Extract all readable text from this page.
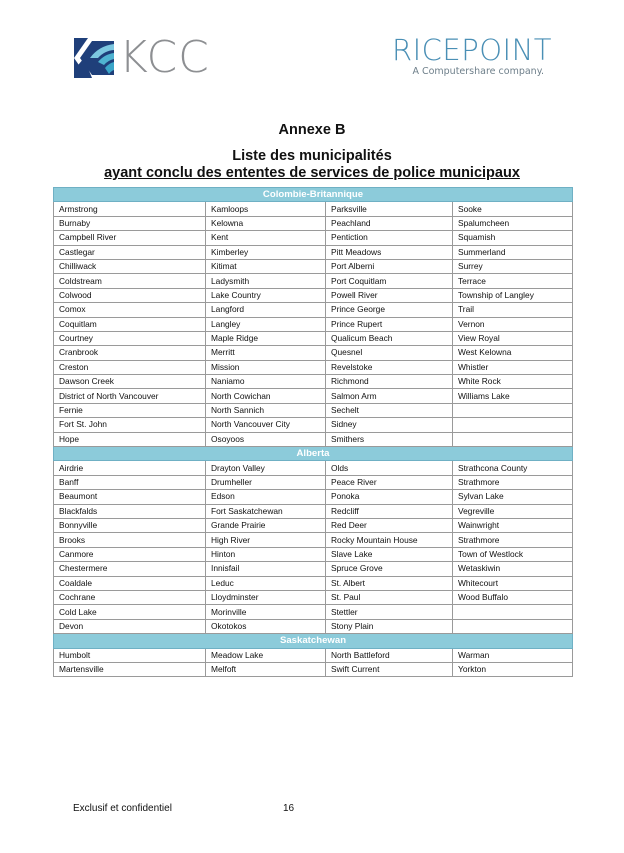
KCC	RICEPOINT
A Computershare company.
Annexe B
Liste des municipalités
ayant conclu des ententes de services de police municipaux
Colombie-Britannique			
Armstrong	Kamloops	Parksville	Sooke
Burnaby	Kelowna	Peachland	Spalumcheen
Campbell River	Kent	Pentiction	Squamish
Castlegar	Kimberley	Pitt Meadows	Summerland
Chilliwack	Kitimat	Port Alberni	Surrey
Coldstream	Ladysmith	Port Coquitlam	Terrace
Colwood	Lake Country	Powell River	Township of Langley
Comox	Langford	Prince George	Trail
Coquitlam	Langley	Prince Rupert	Vernon
Courtney	Maple Ridge	Qualicum Beach	View Royal
Cranbrook	Merritt	Quesnel	West Kelowna
Creston	Mission	Revelstoke	Whistler
Dawson Creek	Naniamo	Richmond	White Rock
District of North Vancouver	North Cowichan	Salmon Arm	Williams Lake
Fernie	North Sannich	Sechelt	
Fort St. John	North Vancouver City	Sidney	
Hope	Osoyoos	Smithers	
Alberta			
Airdrie	Drayton Valley	Olds	Strathcona County
Banff	Drumheller	Peace River	Strathmore
Beaumont	Edson	Ponoka	Sylvan Lake
Blackfalds	Fort Saskatchewan	Redcliff	Vegreville
Bonnyville	Grande Prairie	Red Deer	Wainwright
Brooks	High River	Rocky Mountain House	Strathmore
Canmore	Hinton	Slave Lake	Town of Westlock
Chestermere	Innisfail	Spruce Grove	Wetaskiwin
Coaldale	Leduc	St. Albert	Whitecourt
Cochrane	Lloydminster	St. Paul	Wood Buffalo
Cold Lake	Morinville	Stettler	
Devon	Okotokos	Stony Plain	
Saskatchewan			
Humbolt	Meadow Lake	North Battleford	Warman
Martensville	Melfoft	Swift Current	Yorkton
Exclusif et confidentiel	16
